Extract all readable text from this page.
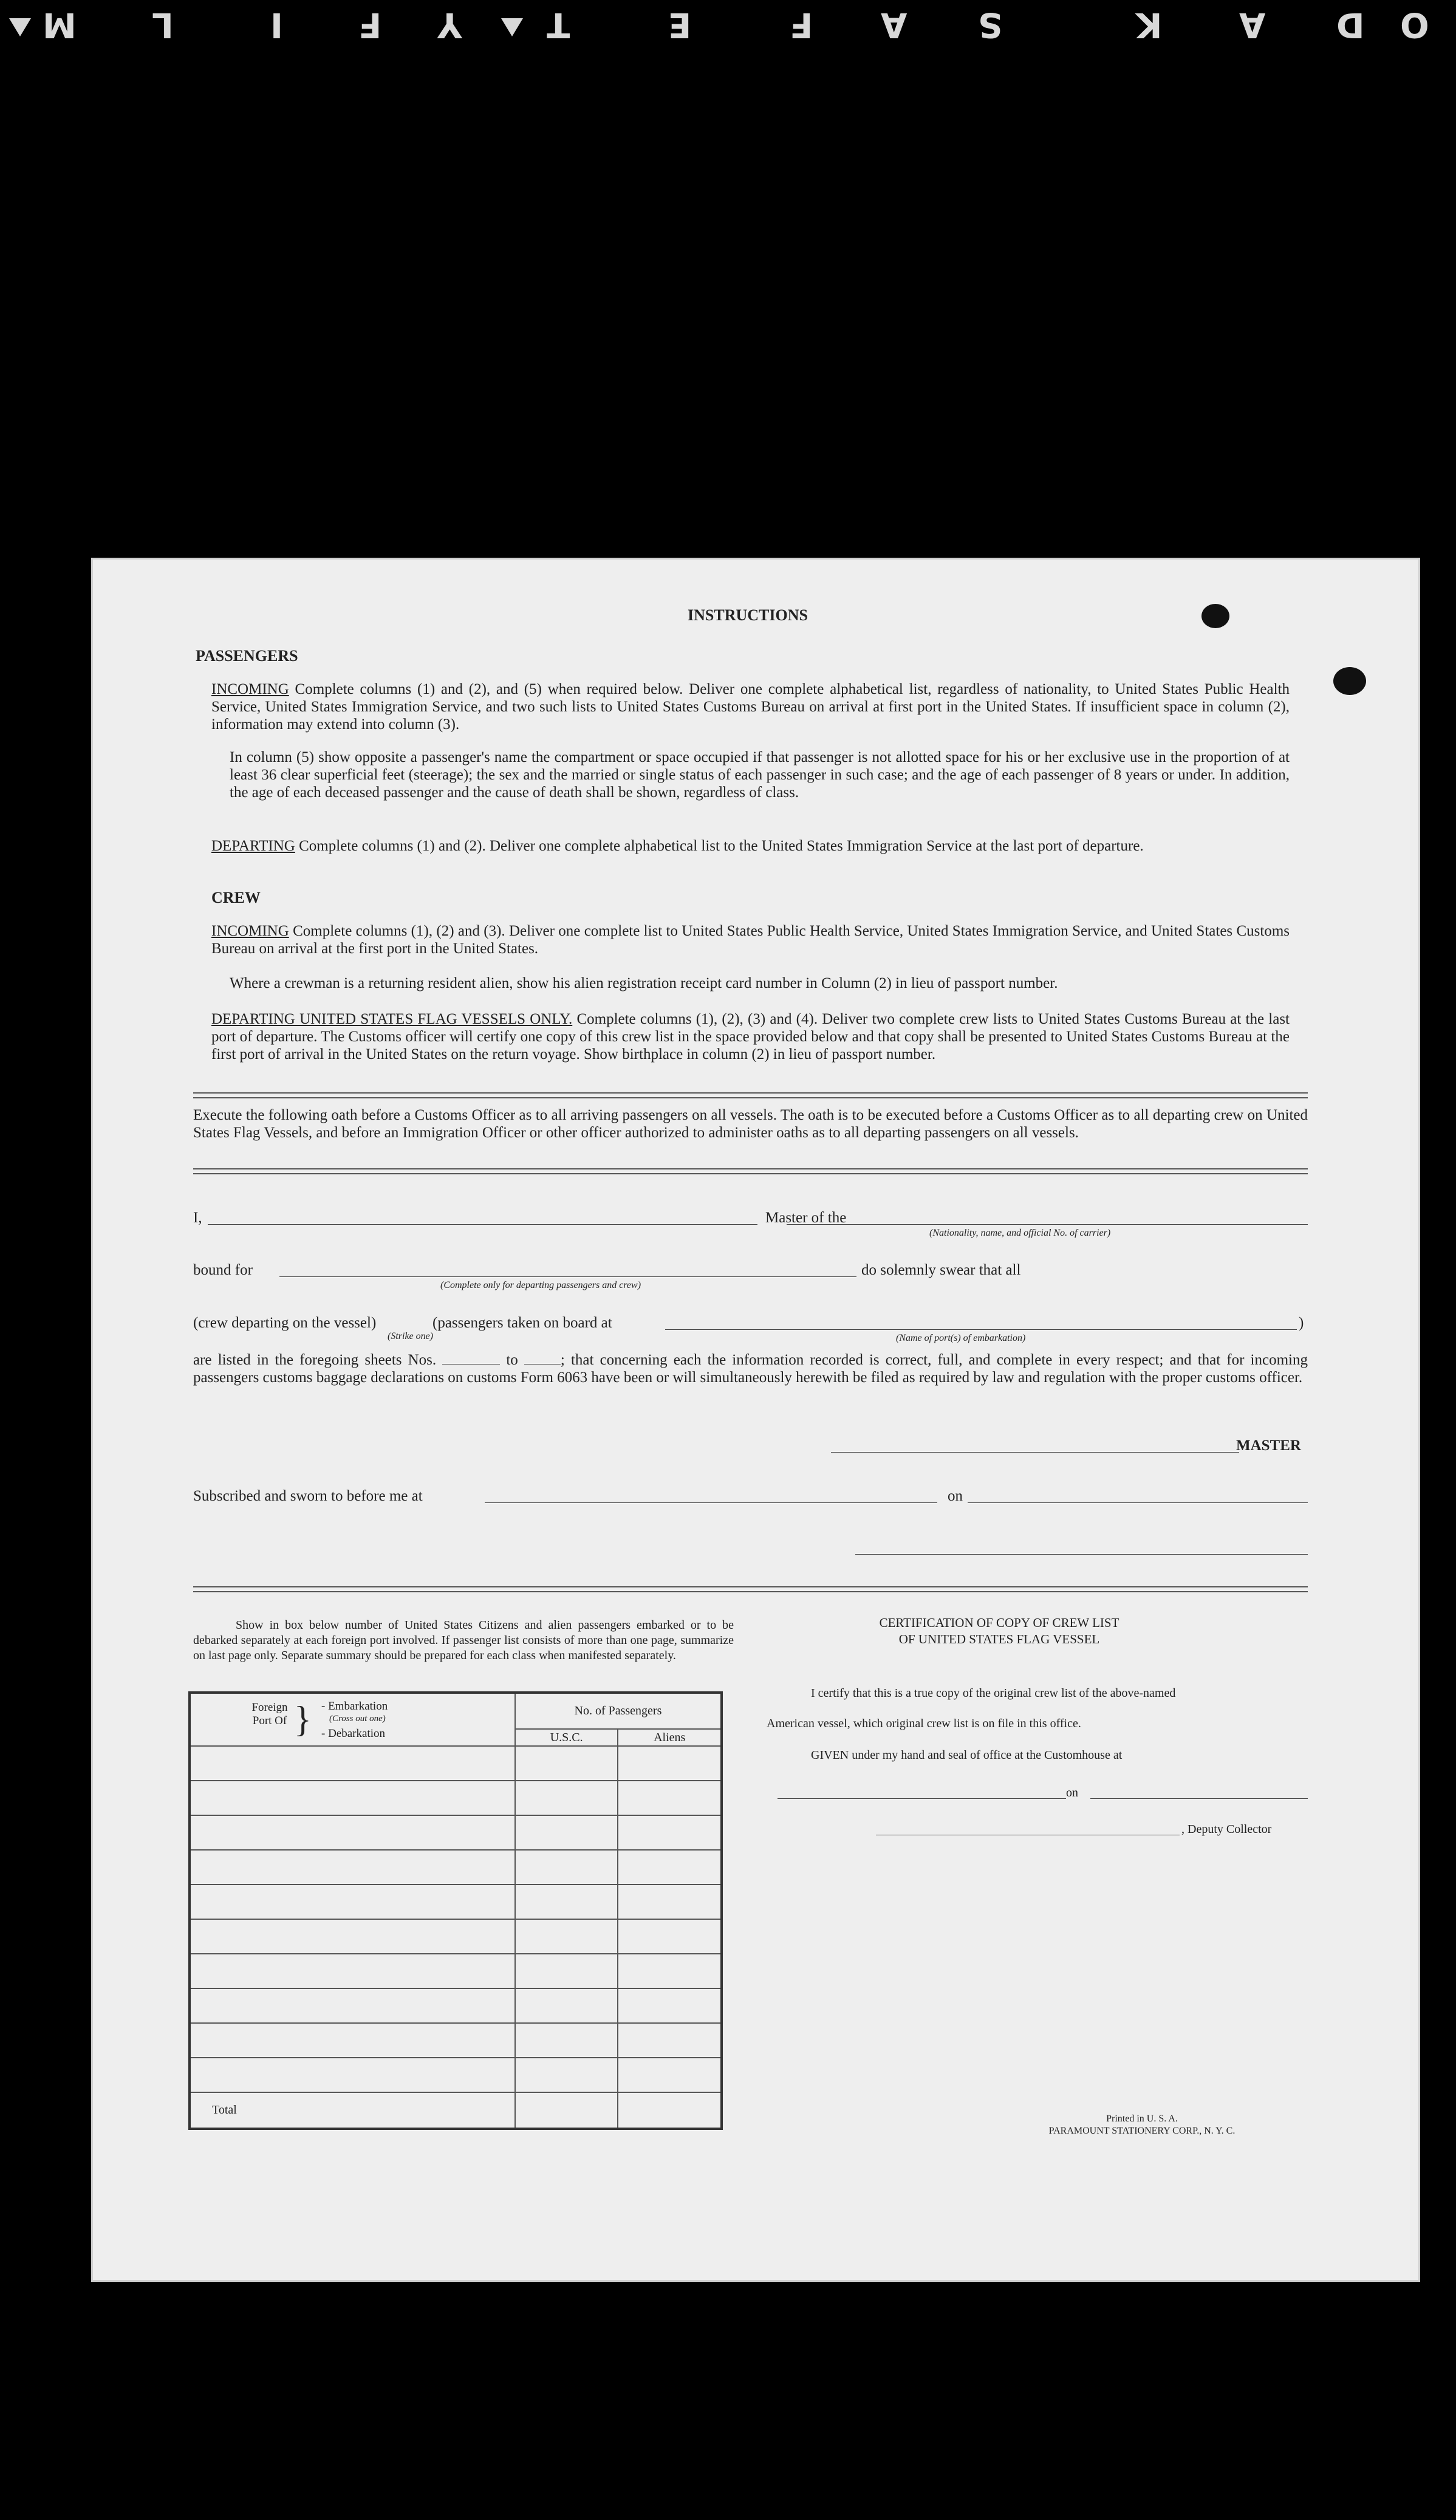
O
D
A
K
S
A
F
E
T
Y
F
I
L
M
INSTRUCTIONS
PASSENGERS
INCOMING Complete columns (1) and (2), and (5) when required below. Deliver one complete alphabetical list, regardless of nationality, to United States Public Health Service, United States Immigration Service, and two such lists to United States Customs Bureau on arrival at first port in the United States. If insufficient space in column (2), information may extend into column (3).
In column (5) show opposite a passenger's name the compartment or space occupied if that passenger is not allotted space for his or her exclusive use in the proportion of at least 36 clear superficial feet (steerage); the sex and the married or single status of each passenger in such case; and the age of each passenger of 8 years or under. In addition, the age of each deceased passenger and the cause of death shall be shown, regardless of class.
DEPARTING Complete columns (1) and (2). Deliver one complete alphabetical list to the United States Immigration Service at the last port of departure.
CREW
INCOMING Complete columns (1), (2) and (3). Deliver one complete list to United States Public Health Service, United States Immigration Service, and United States Customs Bureau on arrival at the first port in the United States.
Where a crewman is a returning resident alien, show his alien registration receipt card number in Column (2) in lieu of passport number.
DEPARTING UNITED STATES FLAG VESSELS ONLY. Complete columns (1), (2), (3) and (4). Deliver two complete crew lists to United States Customs Bureau at the last port of departure. The Customs officer will certify one copy of this crew list in the space provided below and that copy shall be presented to United States Customs Bureau at the first port of arrival in the United States on the return voyage. Show birthplace in column (2) in lieu of passport number.
Execute the following oath before a Customs Officer as to all arriving passengers on all vessels. The oath is to be executed before a Customs Officer as to all departing crew on United States Flag Vessels, and before an Immigration Officer or other officer authorized to administer oaths as to all departing passengers on all vessels.
I,	Master of the
(Nationality, name, and official No. of carrier)
bound for
(Complete only for departing passengers and crew)
do solemnly swear that all
(crew departing on the vessel)	(passengers taken on board at	)
(Strike one)	(Name of port(s) of embarkation)
are listed in the foregoing sheets Nos.	to	; that concerning each the information recorded is correct, full, and complete in every respect; and that for incoming passengers customs baggage declarations on customs Form 6063 have been or will simultaneously herewith be filed as required by law and regulation with the proper customs officer.
MASTER
Subscribed and sworn to before me at	on
Show in box below number of United States Citizens and alien passengers embarked or to be debarked separately at each foreign port involved. If passenger list consists of more than one page, summarize on last page only. Separate summary should be prepared for each class when manifested separately.
Foreign Port Of } - Embarkation
(Cross out one)
- Debarkation	No. of Passengers	
	U.S.C.	Aliens

Total		
CERTIFICATION OF COPY OF CREW LIST
OF UNITED STATES FLAG VESSEL
I certify that this is a true copy of the original crew list of the above-named
American vessel, which original crew list is on file in this office.
GIVEN under my hand and seal of office at the Customhouse at
on
, Deputy Collector
Printed in U. S. A.
PARAMOUNT STATIONERY CORP., N. Y. C.
